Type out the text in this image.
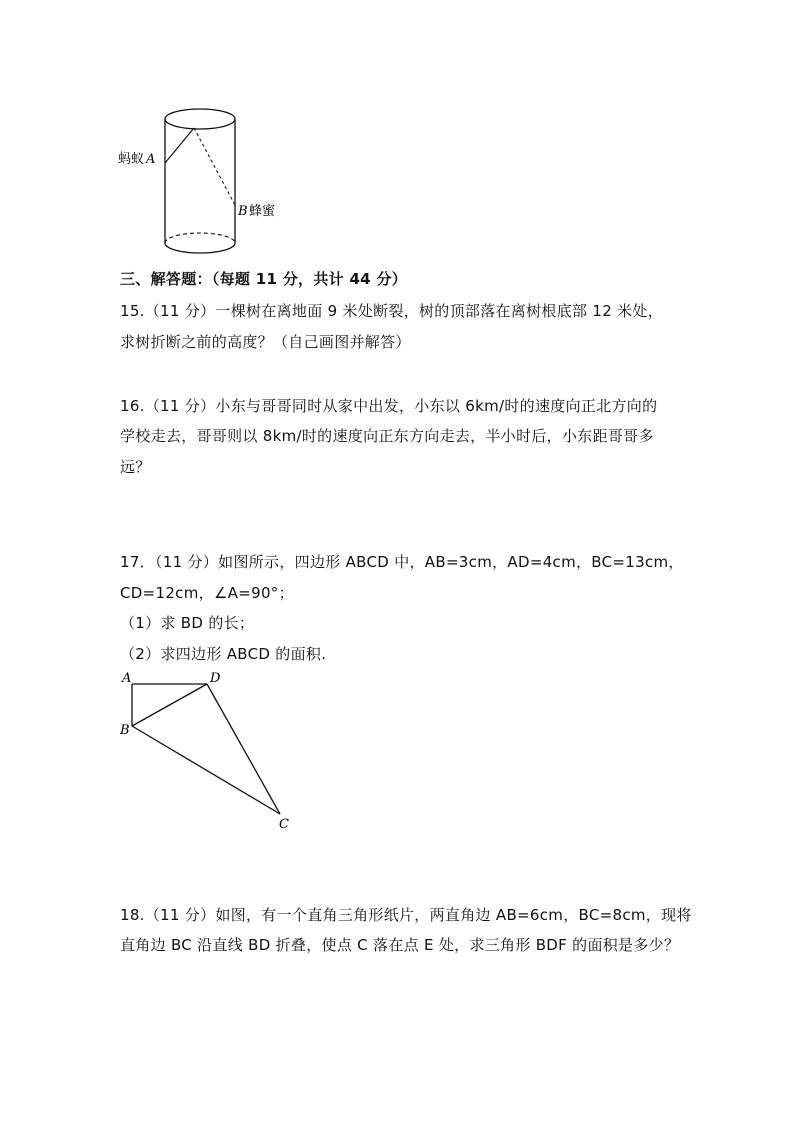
蚂蚁 A
B 蜂蜜
三、解答题：（每题 11 分，共计 44 分）
15.（11 分）一棵树在离地面 9 米处断裂，树的顶部落在离树根底部 12 米处，
求树折断之前的高度？（自己画图并解答）
16.（11 分）小东与哥哥同时从家中出发，小东以 6km/时的速度向正北方向的
学校走去，哥哥则以 8km/时的速度向正东方向走去，半小时后，小东距哥哥多
远？
17．（11 分）如图所示，四边形 ABCD 中，AB=3cm，AD=4cm，BC=13cm，
CD=12cm，∠A=90°；
（1）求 BD 的长；
（2）求四边形 ABCD 的面积.
A
B
C
D
18.（11 分）如图，有一个直角三角形纸片，两直角边 AB=6cm，BC=8cm，现将
直角边 BC 沿直线 BD 折叠，使点 C 落在点 E 处，求三角形 BDF 的面积是多少？
